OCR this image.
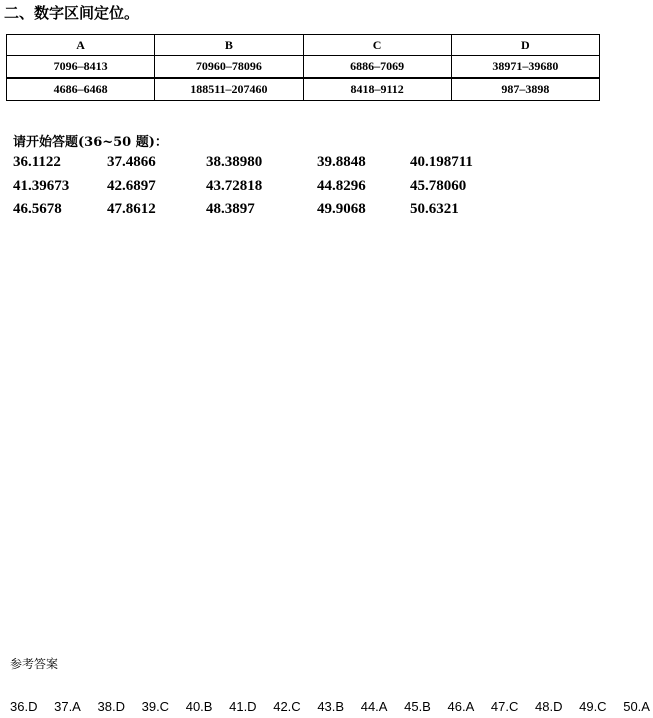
二、数字区间定位。
A	B	C	D
7096–8413	70960–78096	6886–7069	38971–39680
4686–6468	188511–207460	8418–9112	987–3898
请开始答题(36~50 题)：
36.1122	37.4866	38.38980	39.8848	40.198711
41.39673	42.6897	43.72818	44.8296	45.78060
46.5678	47.8612	48.3897	49.9068	50.6321
参考答案
36.D 37.A 38.D 39.C 40.B 41.D 42.C 43.B 44.A 45.B 46.A 47.C 48.D 49.C 50.A
